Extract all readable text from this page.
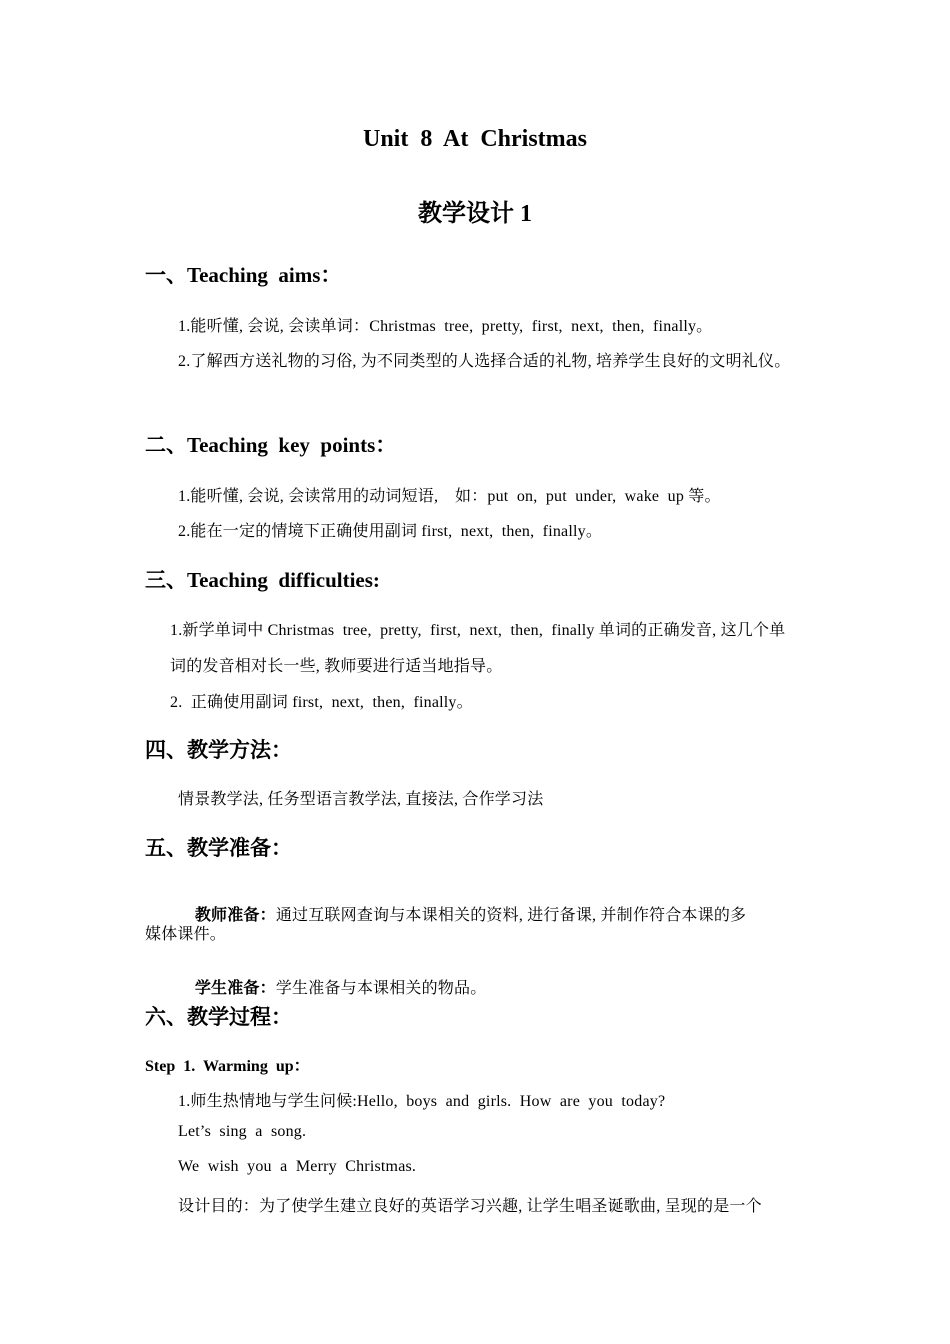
Unit  8  At  Christmas
教学设计 1
一、Teaching  aims：
1.能听懂, 会说, 会读单词：Christmas  tree,  pretty,  first,  next,  then,  finally。
2.了解西方送礼物的习俗, 为不同类型的人选择合适的礼物, 培养学生良好的文明礼仪。
二、Teaching  key  points：
1.能听懂, 会说, 会读常用的动词短语,    如：put  on,  put  under,  wake  up 等。
2.能在一定的情境下正确使用副词 first,  next,  then,  finally。
三、Teaching  difficulties:
1.新学单词中 Christmas  tree,  pretty,  first,  next,  then,  finally 单词的正确发音, 这几个单
词的发音相对长一些, 教师要进行适当地指导。
2.  正确使用副词 first,  next,  then,  finally。
四、教学方法：
情景教学法, 任务型语言教学法, 直接法, 合作学习法
五、教学准备：

教师准备：通过互联网查询与本课相关的资料, 进行备课, 并制作符合本课的多

媒体课件。

学生准备：学生准备与本课相关的物品。

六、教学过程：
Step  1.  Warming  up：
1.师生热情地与学生问候:Hello,  boys  and  girls.  How  are  you  today?
Let’s  sing  a  song.
We  wish  you  a  Merry  Christmas.
设计目的：为了使学生建立良好的英语学习兴趣, 让学生唱圣诞歌曲, 呈现的是一个
